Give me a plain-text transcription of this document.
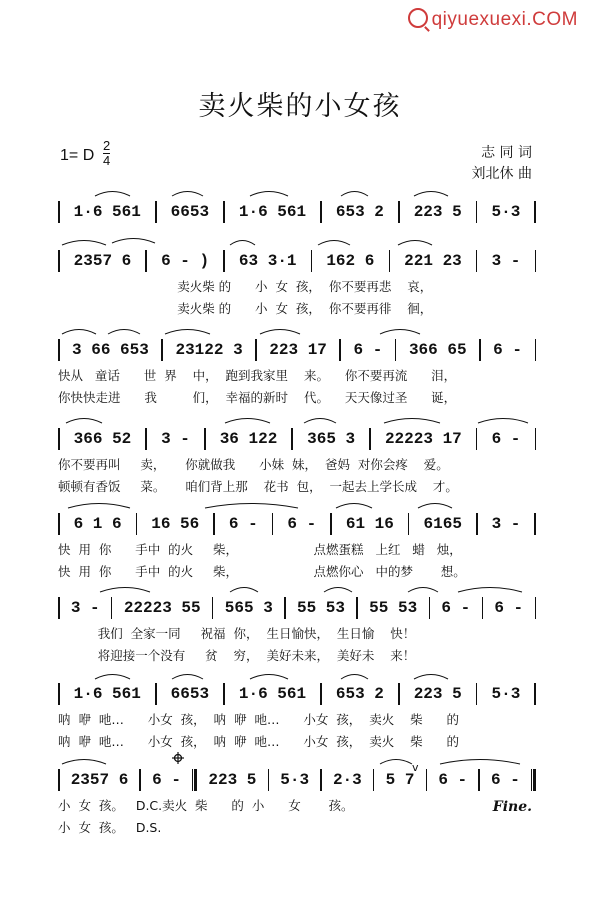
qiyuexuexi.COM
卖火柴的小女孩
1= D
2
4	志 同 词
刘北休 曲
1·6 561	6653	1·6 561	653 2	223 5	5·3
2357 6	6 - )	63 3·1	162 6	221 23	3 -
卖火柴 的      小  女  孩，  你不要再悲    哀，
卖火柴 的      小  女  孩，  你不要再徘    徊，
3 66 653	23122 3	223 17	6 -	366 65	6 -
快从   童话      世  界    中，  跑到我家里    来。    你不要再流      泪，
你快快走进      我         们，  幸福的新时    代。    天天像过圣      诞，
366 52	3 -	36 122	365 3	22223 17	6 -
你不要再叫     卖，     你就做我      小妹  妹，  爸妈  对你会疼    爱。
顿顿有香饭     菜。     咱们背上那    花书  包，  一起去上学长成    才。
6 1 6	16 56	6 -	6 -	61 16	6165	3 -
快  用  你      手中  的火     柴，                   点燃蛋糕   上红   蜡   烛，
快  用  你      手中  的火     柴，                   点燃你心   中的梦       想。
3 -	22223 55	565 3	55 53	55 53	6 -	6 -
我们  全家一同     祝福  你，  生日愉快，  生日愉    快！
将迎接一个没有     贫    穷，  美好未来，  美好未    来！
1·6 561	6653	1·6 561	653 2	223 5	5·3
呐  咿  吔…      小女  孩，  呐  咿  吔…      小女  孩，  卖火    柴      的
呐  咿  吔…      小女  孩，  呐  咿  吔…      小女  孩，  卖火    柴      的
2357 6	6 -	223 5	5·3	2·3	5 7	6 -	6 -
小  女  孩。   D.C.卖火  柴      的  小      女       孩。
小  女  孩。   D.S.
Fine.
v
